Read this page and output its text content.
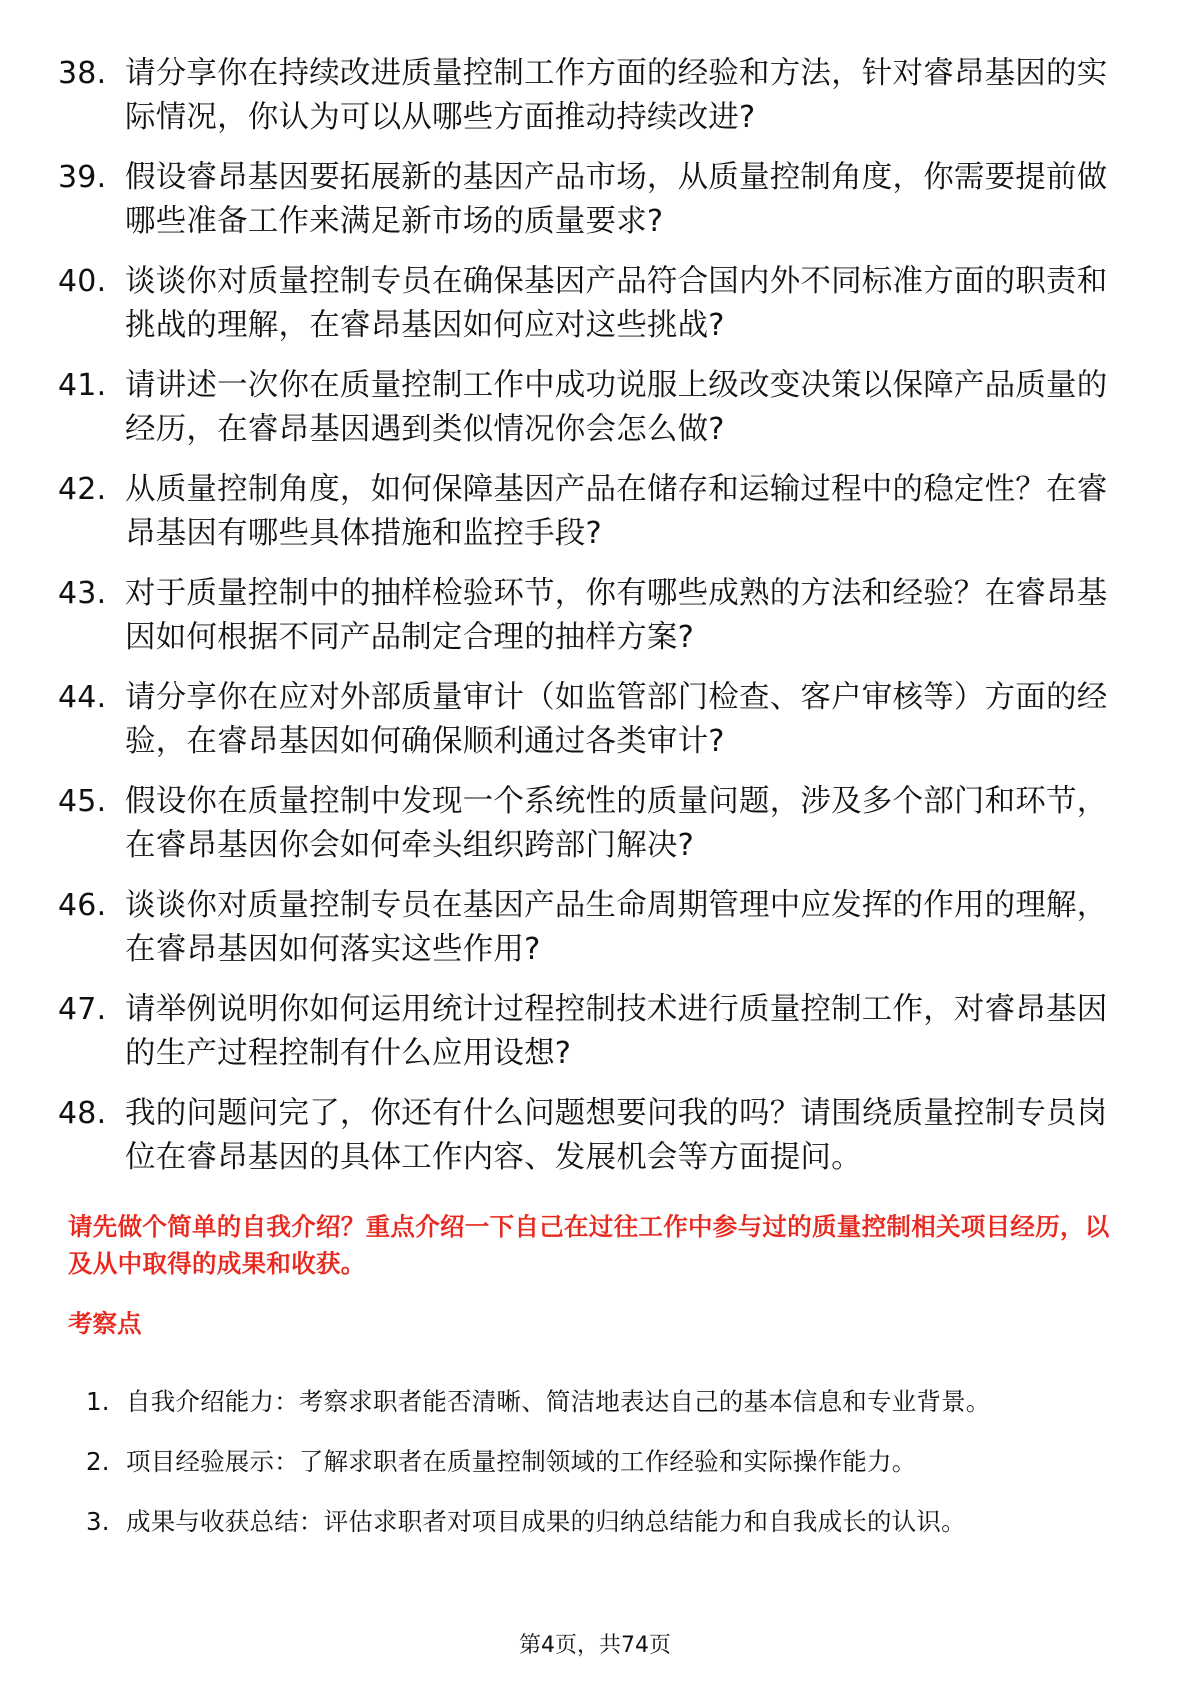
38. 请分享你在持续改进质量控制工作方面的经验和方法，针对睿昂基因的实际情况，你认为可以从哪些方面推动持续改进?
39. 假设睿昂基因要拓展新的基因产品市场，从质量控制角度，你需要提前做哪些准备工作来满足新市场的质量要求?
40. 谈谈你对质量控制专员在确保基因产品符合国内外不同标准方面的职责和挑战的理解，在睿昂基因如何应对这些挑战?
41. 请讲述一次你在质量控制工作中成功说服上级改变决策以保障产品质量的经历，在睿昂基因遇到类似情况你会怎么做?
42. 从质量控制角度，如何保障基因产品在储存和运输过程中的稳定性？在睿昂基因有哪些具体措施和监控手段?
43. 对于质量控制中的抽样检验环节，你有哪些成熟的方法和经验？在睿昂基因如何根据不同产品制定合理的抽样方案?
44. 请分享你在应对外部质量审计（如监管部门检查、客户审核等）方面的经验，在睿昂基因如何确保顺利通过各类审计?
45. 假设你在质量控制中发现一个系统性的质量问题，涉及多个部门和环节，在睿昂基因你会如何牵头组织跨部门解决?
46. 谈谈你对质量控制专员在基因产品生命周期管理中应发挥的作用的理解，在睿昂基因如何落实这些作用?
47. 请举例说明你如何运用统计过程控制技术进行质量控制工作，对睿昂基因的生产过程控制有什么应用设想?
48. 我的问题问完了，你还有什么问题想要问我的吗？请围绕质量控制专员岗位在睿昂基因的具体工作内容、发展机会等方面提问。
请先做个简单的自我介绍？重点介绍一下自己在过往工作中参与过的质量控制相关项目经历，以及从中取得的成果和收获。
考察点
1. 自我介绍能力：考察求职者能否清晰、简洁地表达自己的基本信息和专业背景。
2. 项目经验展示：了解求职者在质量控制领域的工作经验和实际操作能力。
3. 成果与收获总结：评估求职者对项目成果的归纳总结能力和自我成长的认识。
第4页，共74页
